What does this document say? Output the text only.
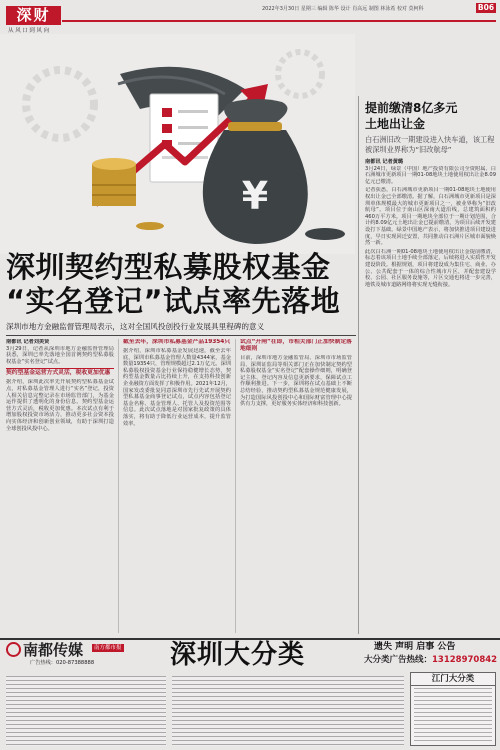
深财
从风口到风向
2022年3月30日 星期三 编辑 陈华 设计 肖高远 制图 林泳希 校对 莫柯科	B06
¥
深圳契约型私募股权基金
“实名登记”试点率先落地
深圳市地方金融监督管理局表示，这对全国风投创投行业发展具里程碑的意义
南都讯 记者刘美贤
3月29日，记者从深圳市地方金融监督管理局获悉，深圳已率先落地全国首例契约型私募股权基金“实名登记”试点。
契约型基金运营方式灵活，税收更加优惠
据介绍，深圳此次率先开展契约型私募基金试点，对私募基金管理人进行“实名”登记，投资人相关信息完整记录在市场监管部门，为基金运作提供了透明化的身份信息。契约型基金运营方式灵活，税收更加优惠。本次试点有利于增加股权投资市场活力，推动更多社会资本投向实体经济和创新创业领域，有助于深圳打造全球创投风投中心。
截至去年，深圳市私募基金产品19354只
据介绍，深圳市私募基金发展迅速，截至去年底，深圳市私募基金管理人数量4344家，基金数量19354只，管理规模超过2.1万亿元。深圳私募股权投资基金行业保持稳健增长态势，契约型基金数量占比持续上升，在支持科技创新企业融资方面发挥了积极作用。2021年12月，国家发改委批复同意深圳市先行先试开展契约型私募基金商事登记试点，试点内容包括登记基金名称、基金管理人、托管人及投资范围等信息。此次试点落地是对国家批复政策的具体落实，将有助于降低行业运营成本，提升监管效率。
试点“开闸”在即，市相关部门正加快制定落地细则
目前，深圳市地方金融监管局、深圳市市场监管局、深圳证监局等相关部门正在加快制定契约型私募股权基金“实名登记”配套操作细则，明确登记主体、登记内容及信息更新要求，保障试点工作顺利推进。下一步，深圳将在试点基础上不断总结经验，推动契约型私募基金规范健康发展，为打造国际风投创投中心和国际财富管理中心提供有力支撑，更好服务实体经济和科技创新。
提前缴清8亿多元
土地出让金
白石洲旧改一期建设进入快车道，该工程被深圳业界称为“旧改航母”
南都讯 记者黄璐
3月24日，绿景（中国）地产投资有限公司全资附属、白石洲城市更新项目一期01-08地块土地使用权出让金8.09亿元已缴清。
记者获悉，白石洲城市更新项目一期01-08地块土地使用权出让金已全部缴清。据了解，白石洲城市更新项目是深圳单体规模最大的城市更新项目之一，被业界称为“旧改航母”。项目位于南山区深南大道沿线，总建筑面积约460万平方米。项目一期地块全部位于一期计划范围，合计约8.09亿元土地出让金已提前缴清，为项目后续开发建设打下基础。绿景中国地产表示，将加快推进项目建设进度，早日实现回迁安置，共同推动白石洲片区城市面貌焕然一新。
此次白石洲一期01-08地块土地使用权出让金提前缴清，标志着该项目土地手续全部落定，后续将进入实质性开发建设阶段。根据规划，项目将建设成为集住宅、商业、办公、公共配套于一体的综合性城市片区，并配套建设学校、公园、社区服务设施等，片区交通也将进一步完善，地铁及城市道路网络将实现无缝衔接。
南都传媒	南方都市报
广告热线：020-87388888	深圳大分类	遗失 声明 启事 公告
大分类广告热线：13128970842
江门大分类
